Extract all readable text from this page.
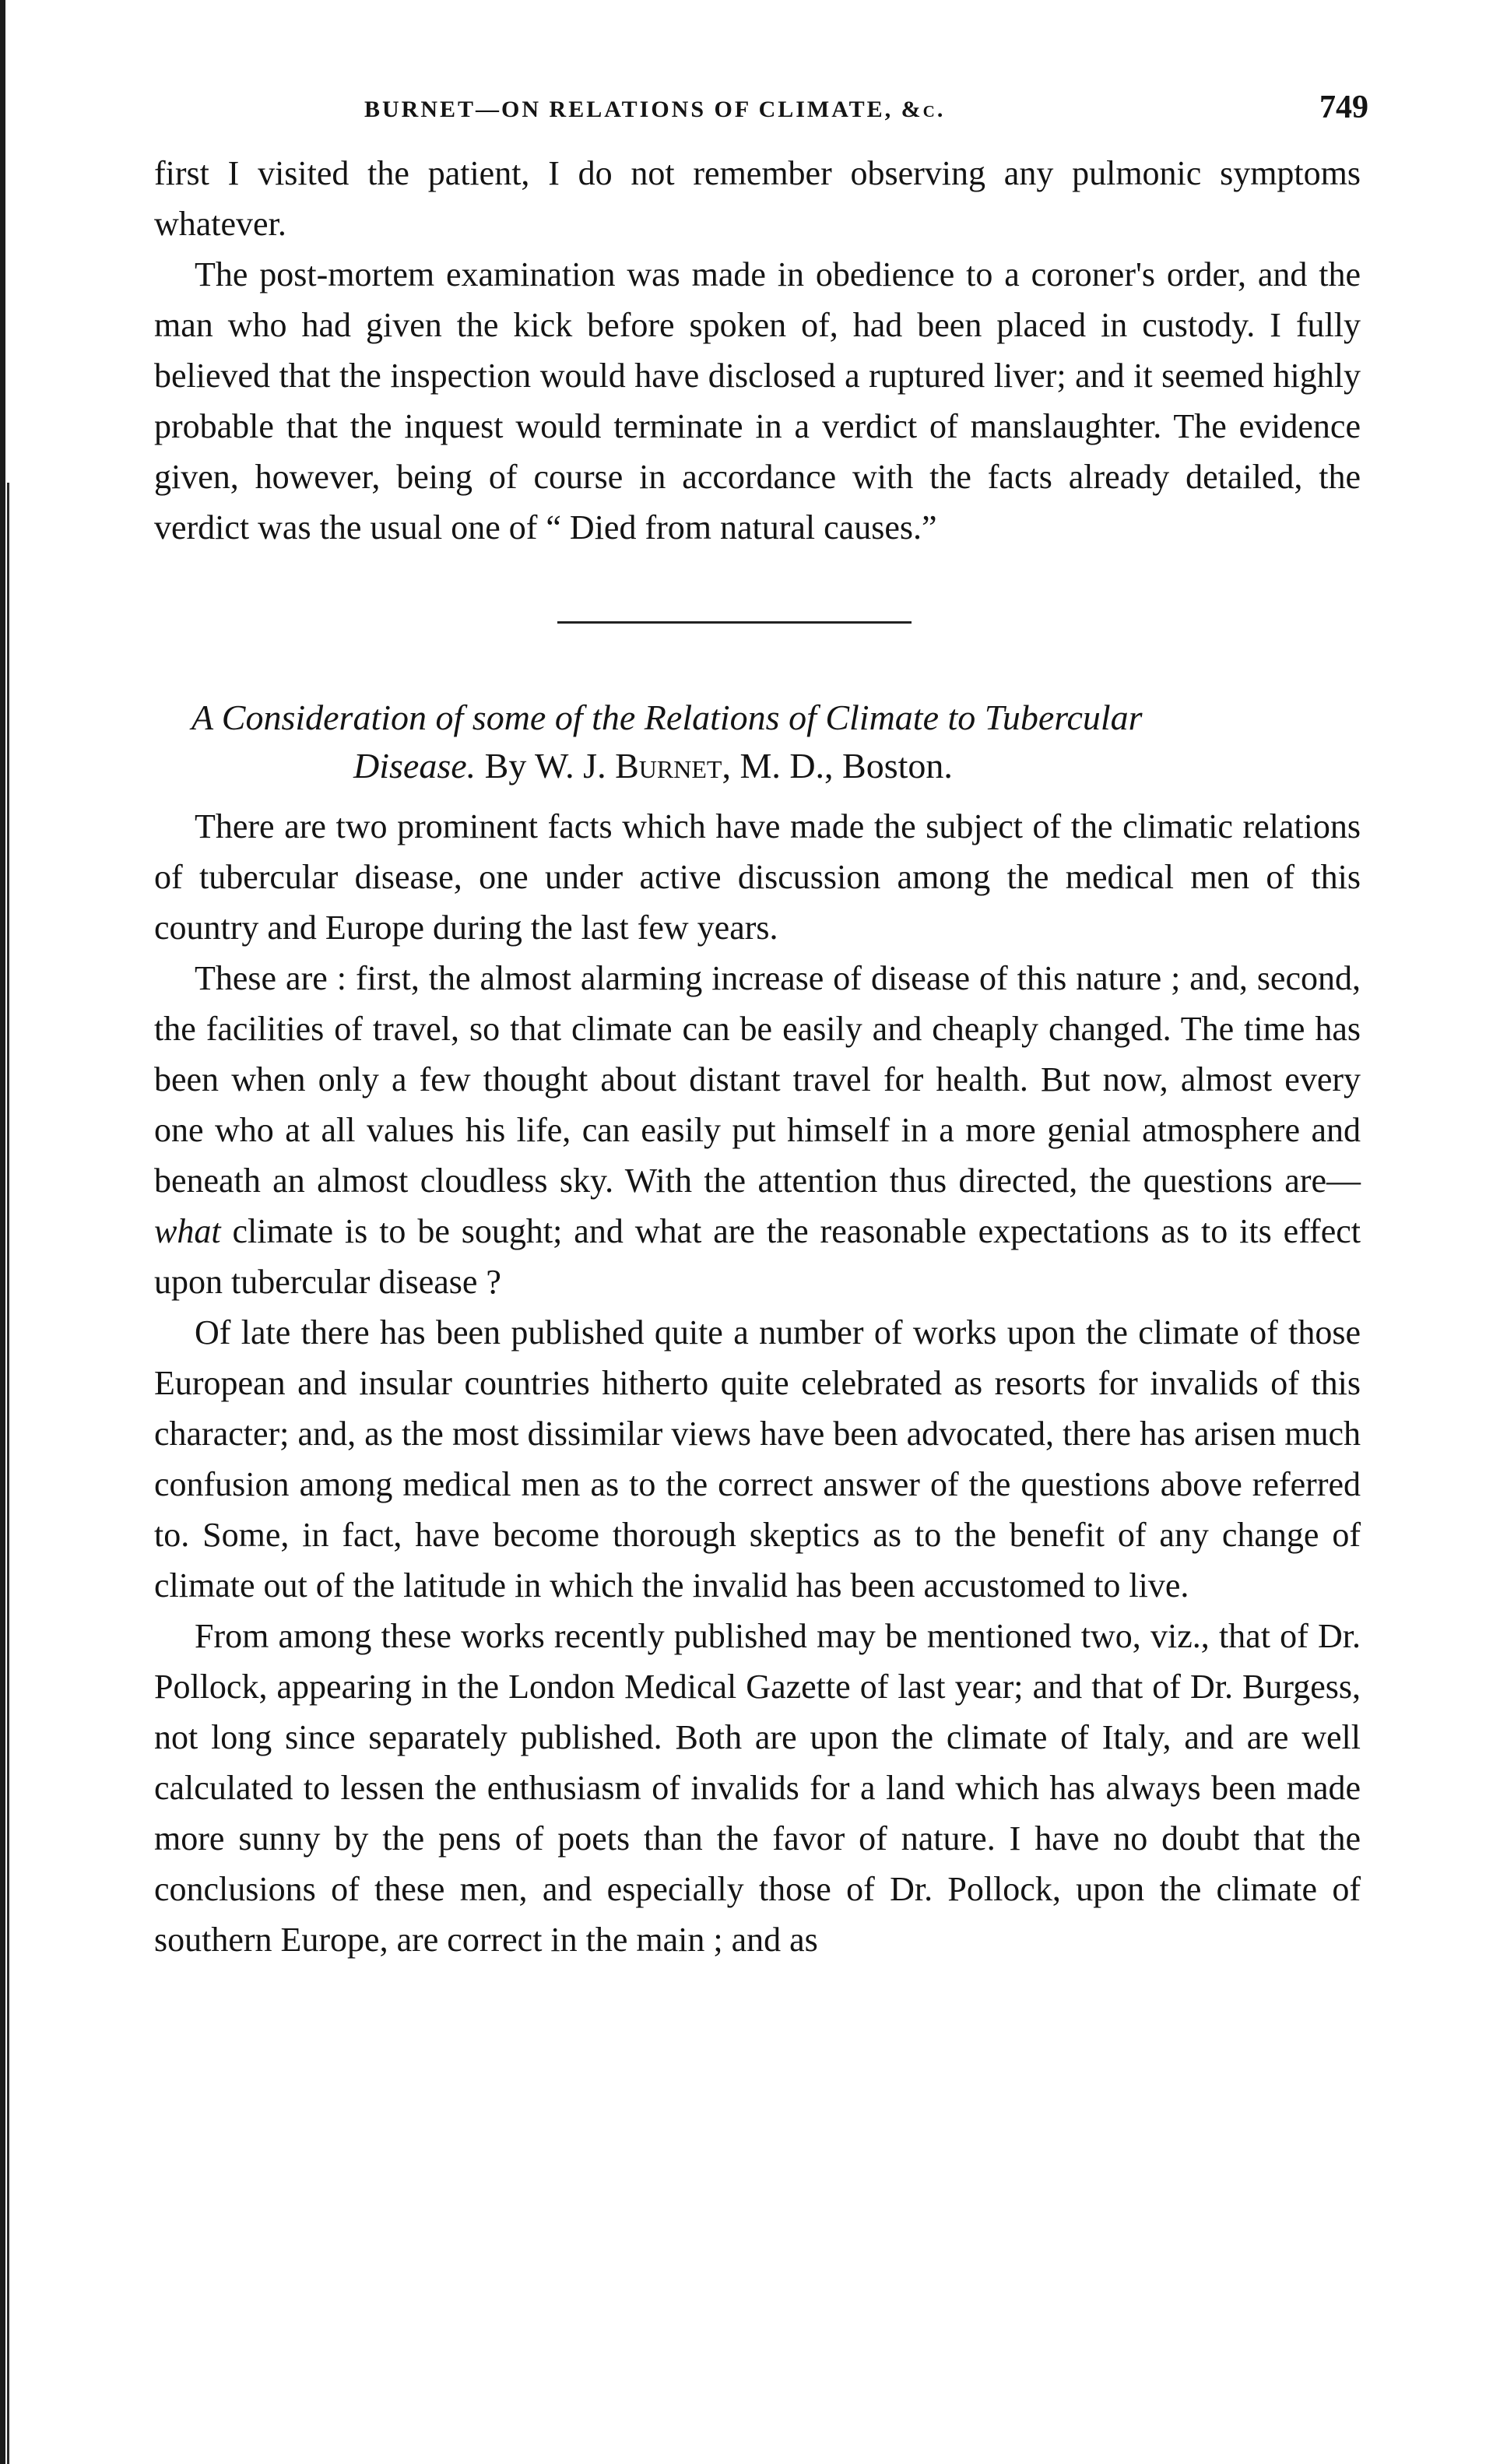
BURNET—ON RELATIONS OF CLIMATE, &c.	749

first I visited the patient, I do not remember observing any pulmonic symptoms whatever.

The post-mortem examination was made in obedience to a coroner's order, and the man who had given the kick before spoken of, had been placed in custody. I fully believed that the inspection would have disclosed a ruptured liver; and it seemed highly probable that the inquest would terminate in a verdict of manslaughter. The evidence given, however, being of course in accordance with the facts already detailed, the verdict was the usual one of “ Died from natural causes.”

A Consideration of some of the Relations of Climate to Tubercular
Disease. By W. J. Burnet, M. D., Boston.

There are two prominent facts which have made the subject of the climatic relations of tubercular disease, one under active discussion among the medical men of this country and Europe during the last few years.

These are : first, the almost alarming increase of disease of this nature ; and, second, the facilities of travel, so that climate can be easily and cheaply changed. The time has been when only a few thought about distant travel for health. But now, almost every one who at all values his life, can easily put himself in a more genial atmosphere and beneath an almost cloudless sky. With the attention thus directed, the questions are—what climate is to be sought; and what are the reasonable expectations as to its effect upon tubercular disease ?

Of late there has been published quite a number of works upon the climate of those European and insular countries hitherto quite celebrated as resorts for invalids of this character; and, as the most dissimilar views have been advocated, there has arisen much confusion among medical men as to the correct answer of the questions above referred to. Some, in fact, have become thorough skeptics as to the benefit of any change of climate out of the latitude in which the invalid has been accustomed to live.

From among these works recently published may be mentioned two, viz., that of Dr. Pollock, appearing in the London Medical Gazette of last year; and that of Dr. Burgess, not long since separately published. Both are upon the climate of Italy, and are well calculated to lessen the enthusiasm of invalids for a land which has always been made more sunny by the pens of poets than the favor of nature. I have no doubt that the conclusions of these men, and especially those of Dr. Pollock, upon the climate of southern Europe, are correct in the main ; and as
